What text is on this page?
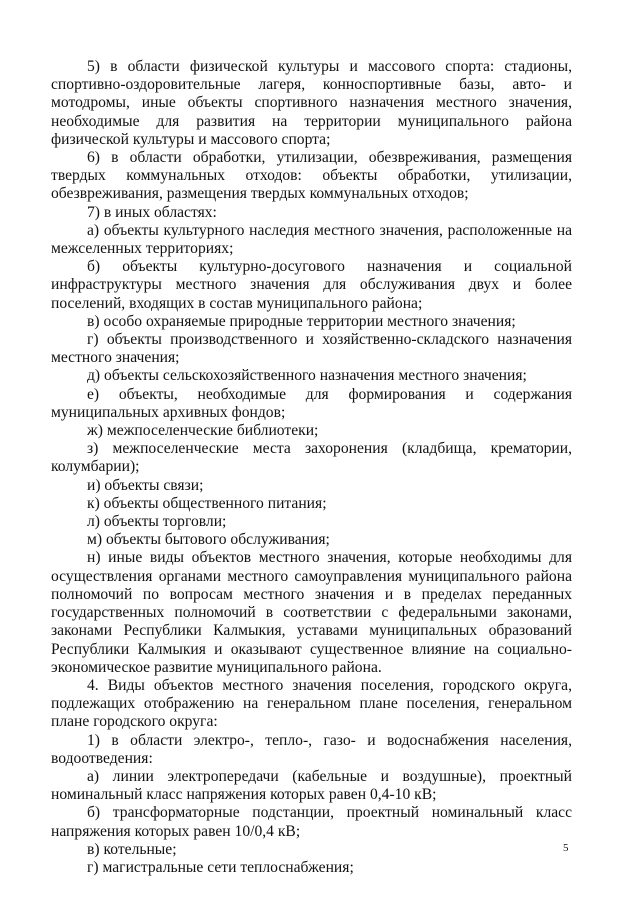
5) в области физической культуры и массового спорта: стадионы, спортивно-оздоровительные лагеря, конноспортивные базы, авто- и мотодромы, иные объекты спортивного назначения местного значения, необходимые для развития на территории муниципального района физической культуры и массового спорта;

6) в области обработки, утилизации, обезвреживания, размещения твердых коммунальных отходов: объекты обработки, утилизации, обезвреживания, размещения твердых коммунальных отходов;

7) в иных областях:

а) объекты культурного наследия местного значения, расположенные на межселенных территориях;

б) объекты культурно-досугового назначения и социальной инфраструктуры местного значения для обслуживания двух и более поселений, входящих в состав муниципального района;

в) особо охраняемые природные территории местного значения;

г) объекты производственного и хозяйственно-складского назначения местного значения;

д) объекты сельскохозяйственного назначения местного значения;

е) объекты, необходимые для формирования и содержания муниципальных архивных фондов;

ж) межпоселенческие библиотеки;

з) межпоселенческие места захоронения (кладбища, крематории, колумбарии);

и) объекты связи;

к) объекты общественного питания;

л) объекты торговли;

м) объекты бытового обслуживания;

н) иные виды объектов местного значения, которые необходимы для осуществления органами местного самоуправления муниципального района полномочий по вопросам местного значения и в пределах переданных государственных полномочий в соответствии с федеральными законами, законами Республики Калмыкия, уставами муниципальных образований Республики Калмыкия и оказывают существенное влияние на социально-экономическое развитие муниципального района.

4. Виды объектов местного значения поселения, городского округа, подлежащих отображению на генеральном плане поселения, генеральном плане городского округа:

1) в области электро-, тепло-, газо- и водоснабжения населения, водоотведения:

а) линии электропередачи (кабельные и воздушные), проектный номинальный класс напряжения которых равен 0,4-10 кВ;

б) трансформаторные подстанции, проектный номинальный класс напряжения которых равен 10/0,4 кВ;

в) котельные;

г) магистральные сети теплоснабжения;

5
